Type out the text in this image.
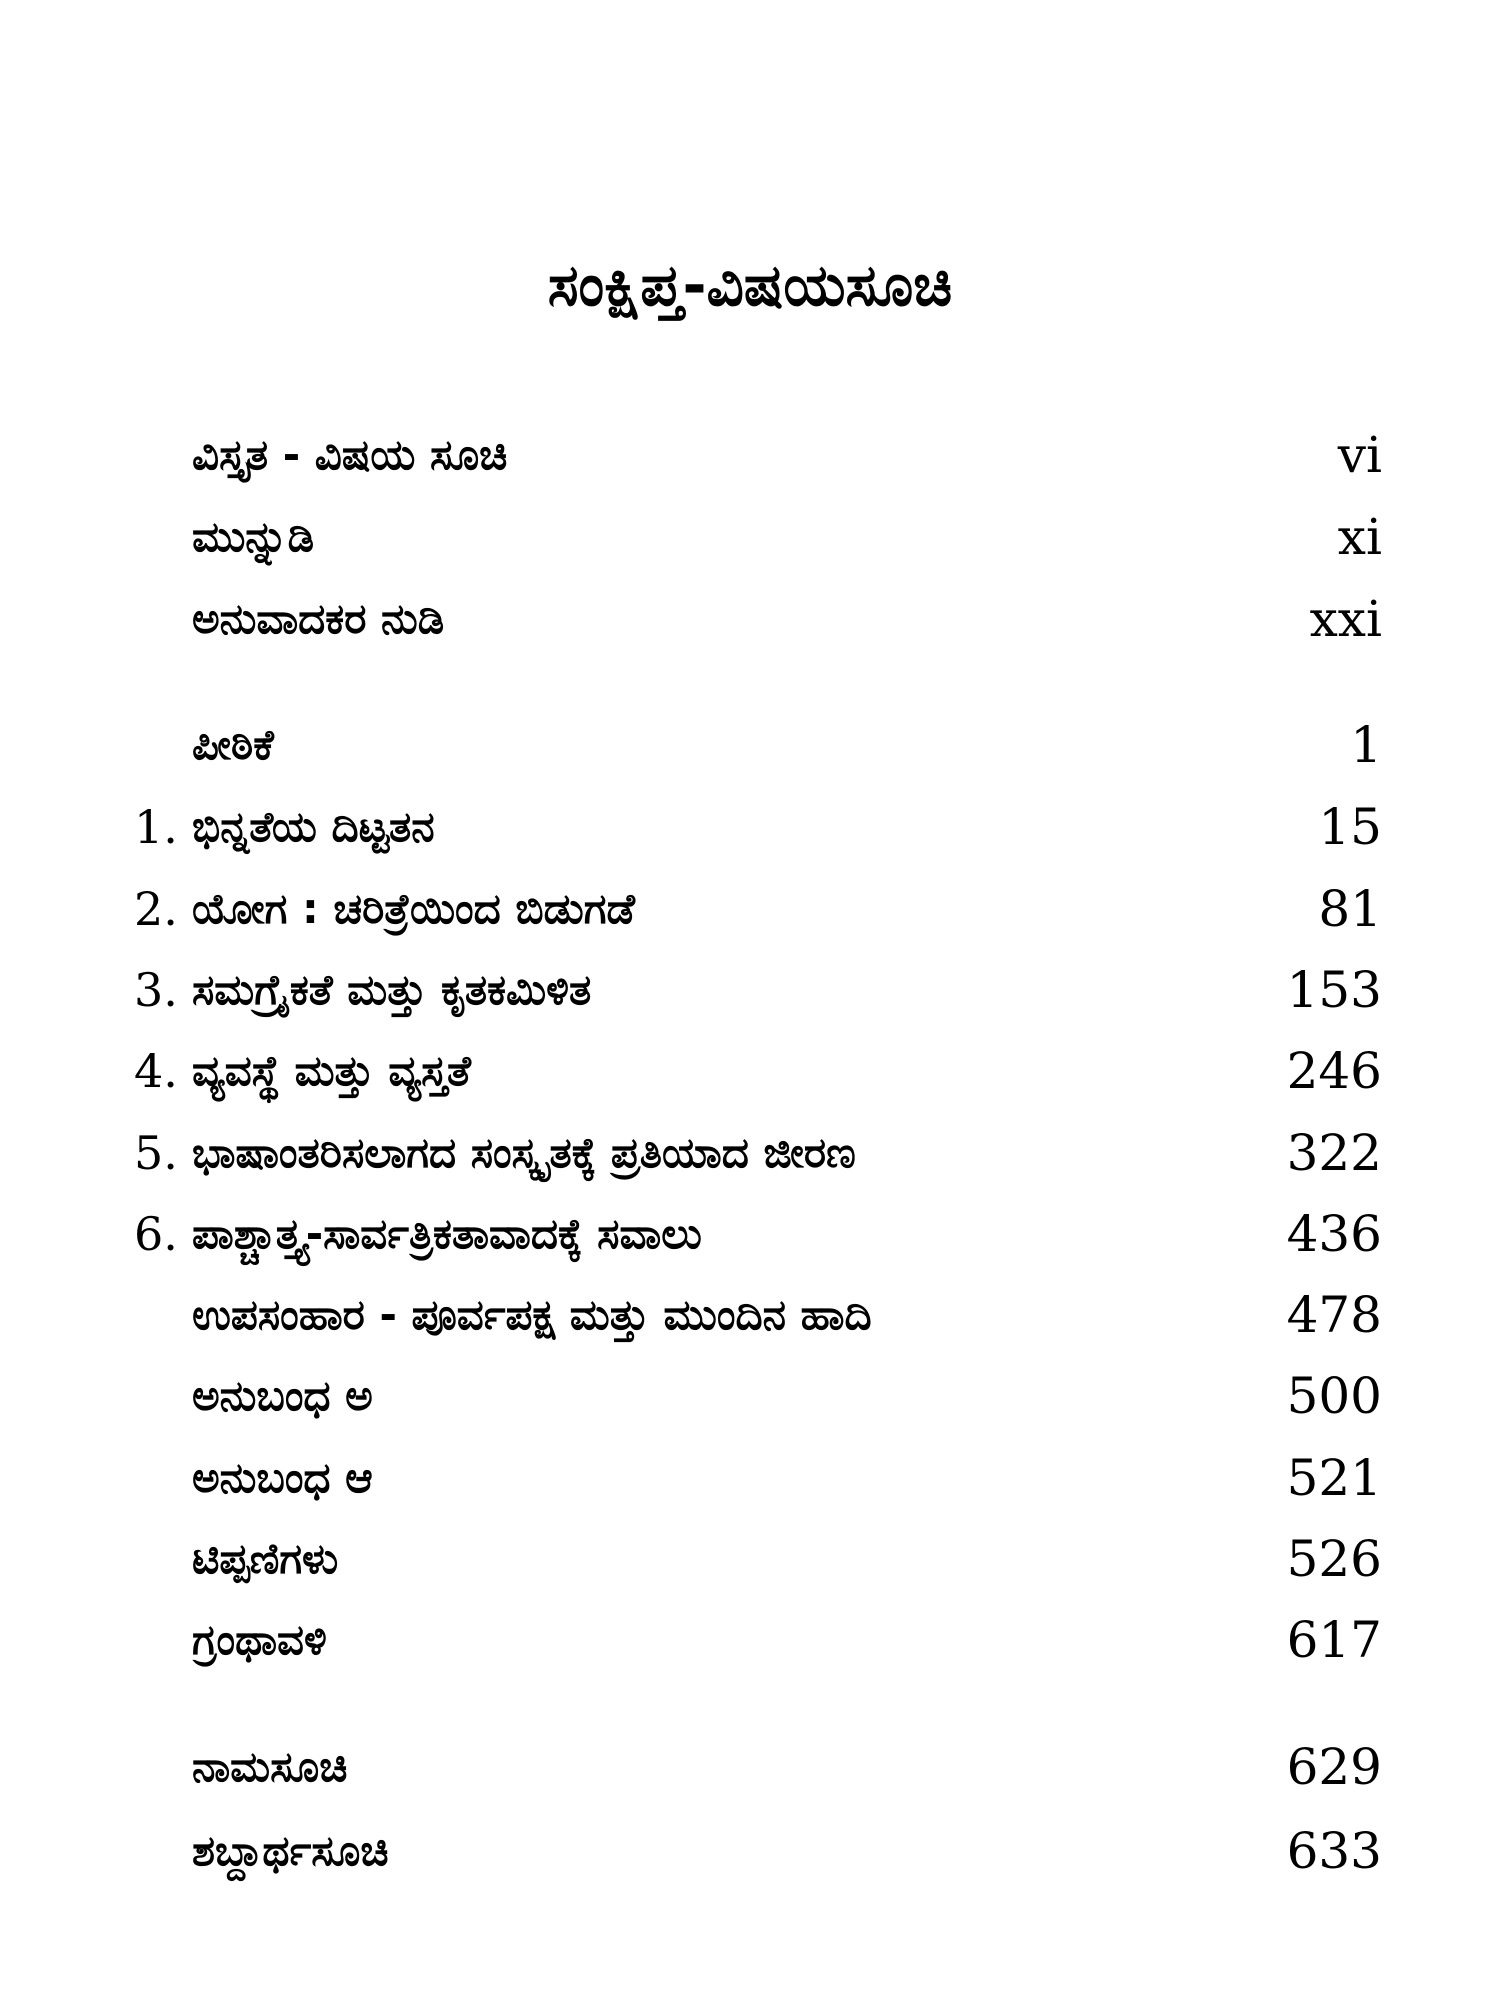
ಸಂಕ್ಷಿಪ್ತ-ವಿಷಯಸೂಚಿ
ವಿಸ್ತೃತ - ವಿಷಯ ಸೂಚಿ	vi
ಮುನ್ನುಡಿ	xi
ಅನುವಾದಕರ ನುಡಿ	xxi
ಪೀಠಿಕೆ	1
1. ಭಿನ್ನತೆಯ ದಿಟ್ಟತನ	15
2. ಯೋಗ : ಚರಿತ್ರೆಯಿಂದ ಬಿಡುಗಡೆ	81
3. ಸಮಗ್ರೈಕತೆ ಮತ್ತು ಕೃತಕಮಿಳಿತ	153
4. ವ್ಯವಸ್ಥೆ ಮತ್ತು ವ್ಯಸ್ತತೆ	246
5. ಭಾಷಾಂತರಿಸಲಾಗದ ಸಂಸ್ಕೃತಕ್ಕೆ ಪ್ರತಿಯಾದ ಜೀರಣ	322
6. ಪಾಶ್ಚಾತ್ತ್ಯ-ಸಾರ್ವತ್ರಿಕತಾವಾದಕ್ಕೆ ಸವಾಲು	436
ಉಪಸಂಹಾರ - ಪೂರ್ವಪಕ್ಷ ಮತ್ತು ಮುಂದಿನ ಹಾದಿ	478
ಅನುಬಂಧ ಅ	500
ಅನುಬಂಧ ಆ	521
ಟಿಪ್ಪಣಿಗಳು	526
ಗ್ರಂಥಾವಳಿ	617
ನಾಮಸೂಚಿ	629
ಶಬ್ದಾರ್ಥಸೂಚಿ	633
